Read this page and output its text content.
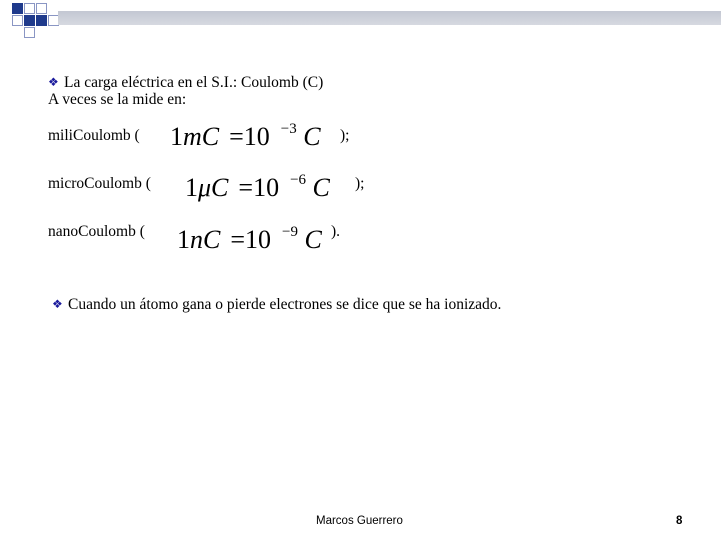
❖ La carga eléctrica en el S.I.: Coulomb (C)
A veces se la mide en:
miliCoulomb ( 1mC =10 $^{-3}$ C );
microCoulomb ( 1μC =10 $^{-6}$ C );
nanoCoulomb ( 1nC =10 $^{-9}$ C ).
❖ Cuando un átomo gana o pierde electrones se dice que se ha ionizado.
Marcos Guerrero	8
